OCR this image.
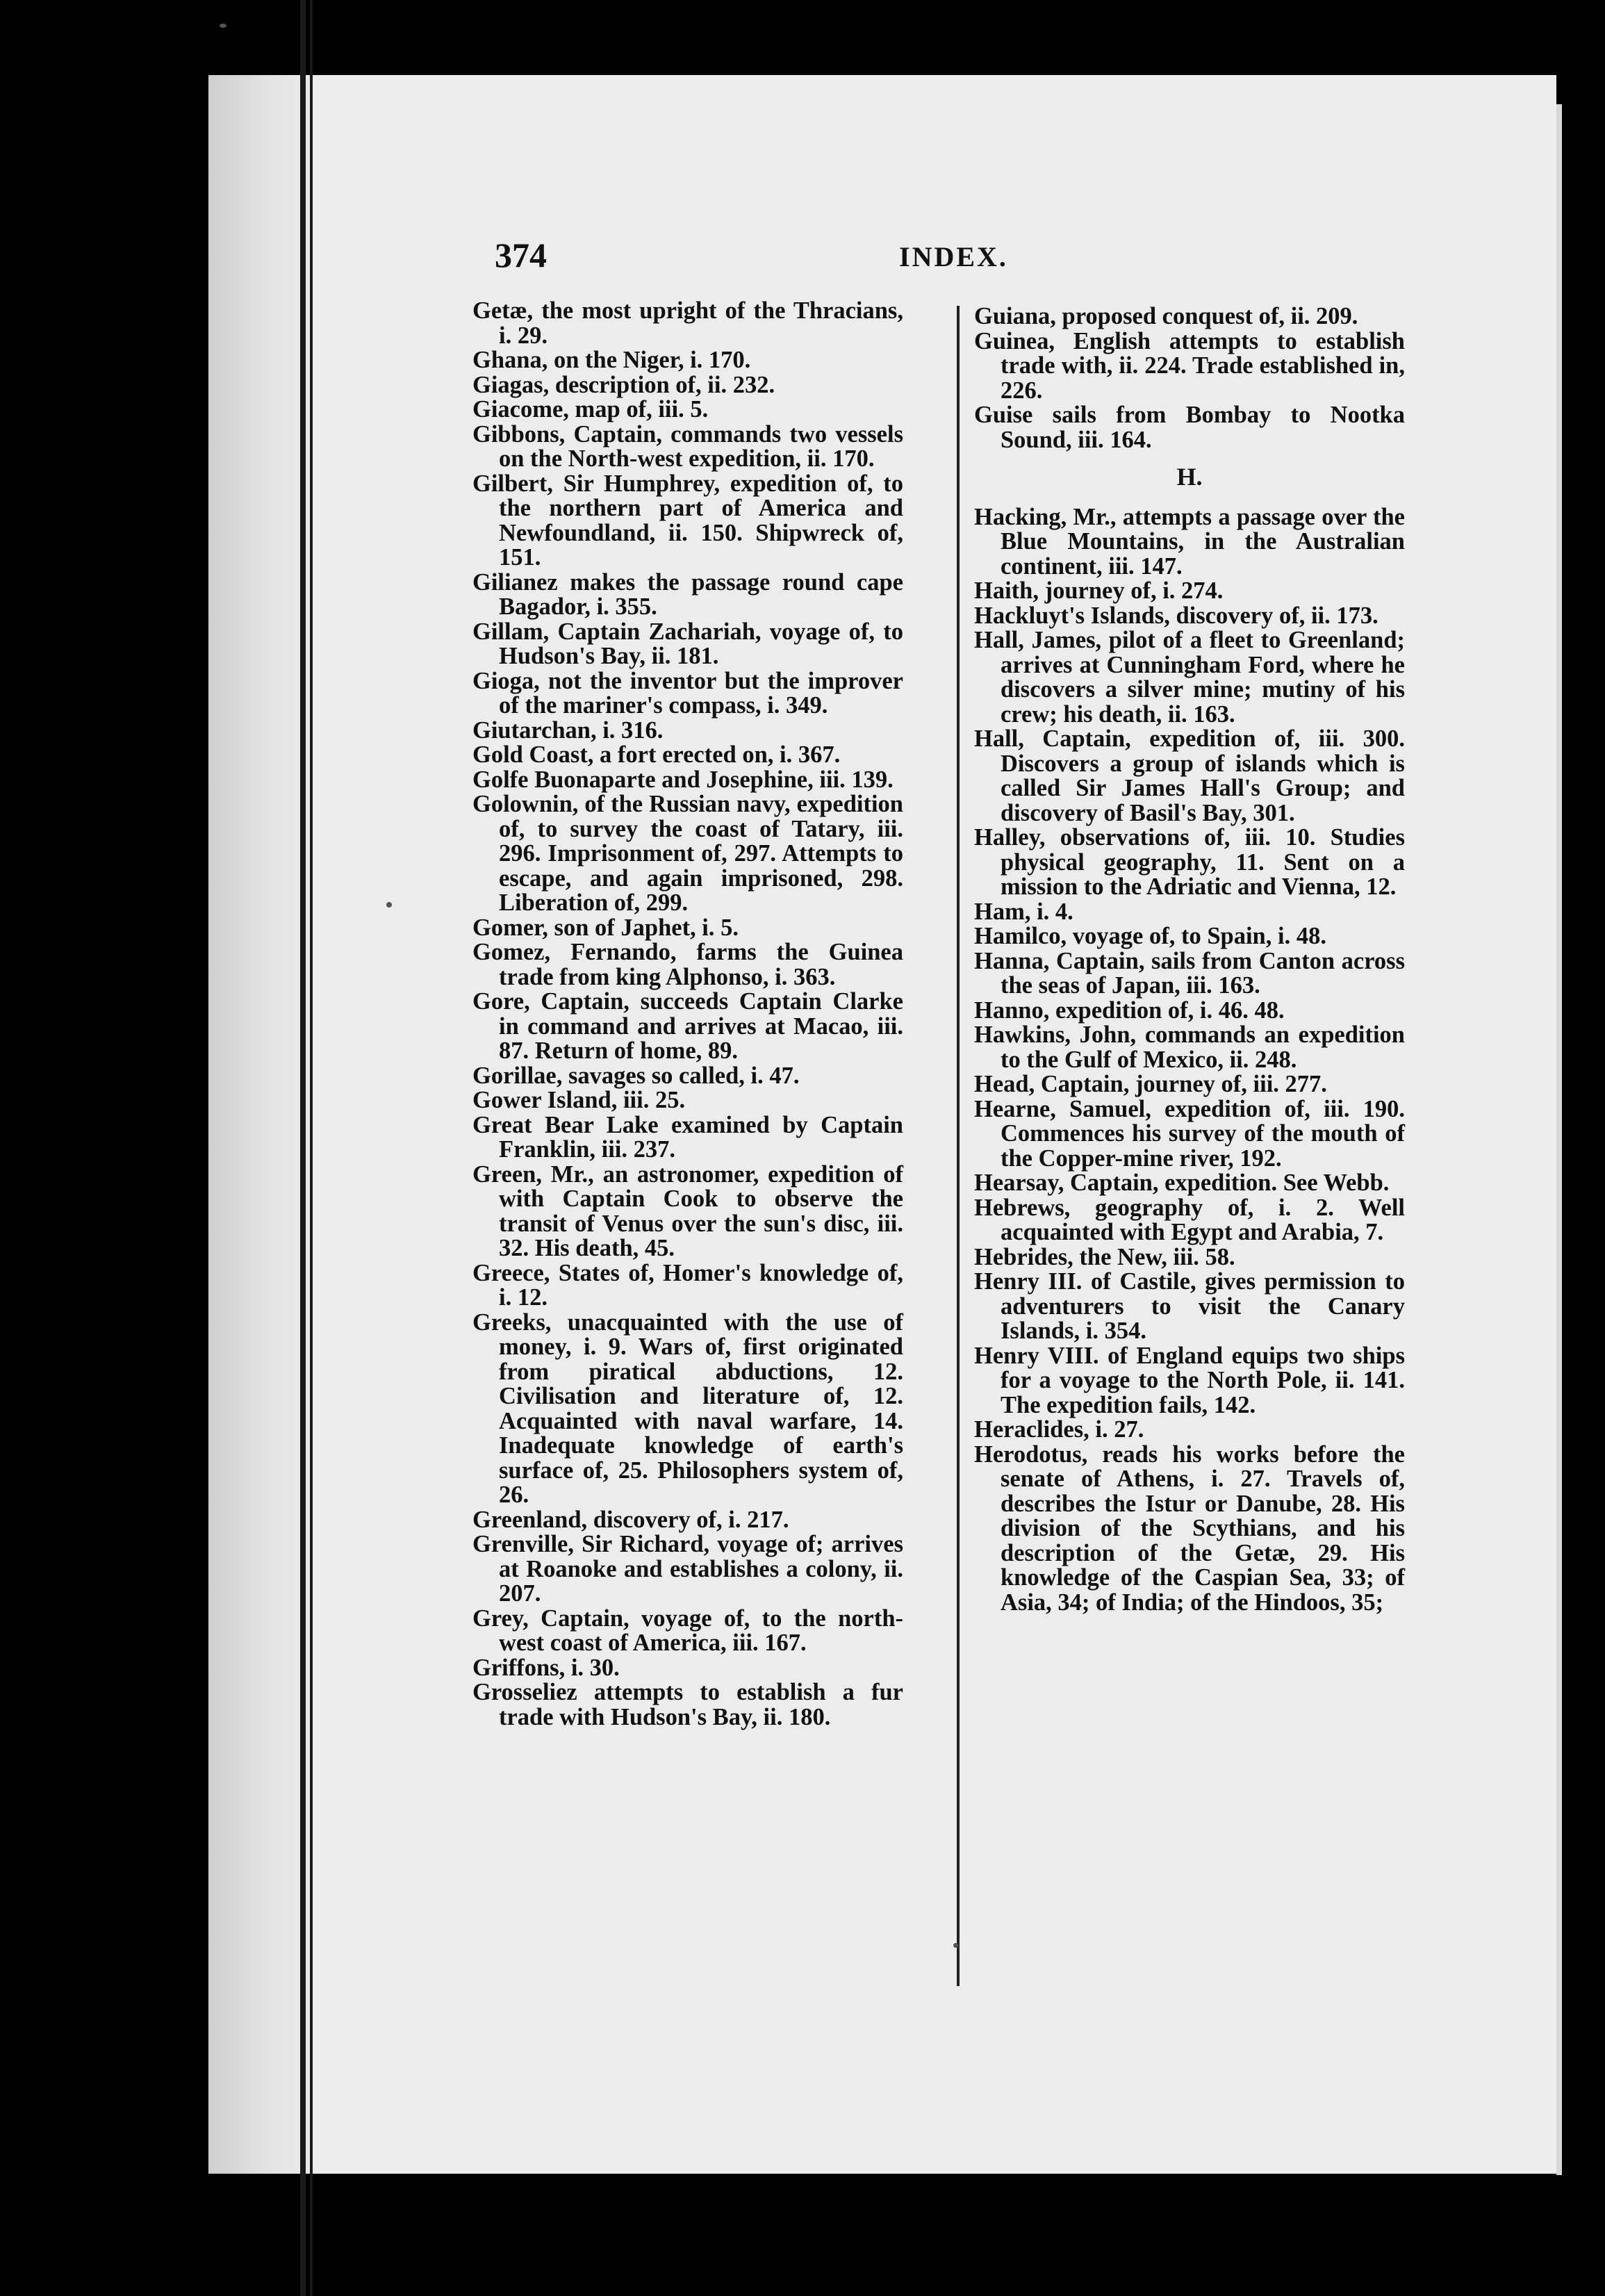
374	INDEX.

Getæ, the most upright of the Thracians, i. 29.

Ghana, on the Niger, i. 170.

Giagas, description of, ii. 232.

Giacome, map of, iii. 5.

Gibbons, Captain, commands two vessels on the North-west expedition, ii. 170.

Gilbert, Sir Humphrey, expedition of, to the northern part of America and Newfoundland, ii. 150. Shipwreck of, 151.

Gilianez makes the passage round cape Bagador, i. 355.

Gillam, Captain Zachariah, voyage of, to Hudson's Bay, ii. 181.

Gioga, not the inventor but the improver of the mariner's compass, i. 349.

Giutarchan, i. 316.

Gold Coast, a fort erected on, i. 367.

Golfe Buonaparte and Josephine, iii. 139.

Golownin, of the Russian navy, expedition of, to survey the coast of Tatary, iii. 296. Imprisonment of, 297. Attempts to escape, and again imprisoned, 298. Liberation of, 299.

Gomer, son of Japhet, i. 5.

Gomez, Fernando, farms the Guinea trade from king Alphonso, i. 363.

Gore, Captain, succeeds Captain Clarke in command and arrives at Macao, iii. 87. Return of home, 89.

Gorillae, savages so called, i. 47.

Gower Island, iii. 25.

Great Bear Lake examined by Captain Franklin, iii. 237.

Green, Mr., an astronomer, expedition of with Captain Cook to observe the transit of Venus over the sun's disc, iii. 32. His death, 45.

Greece, States of, Homer's knowledge of, i. 12.

Greeks, unacquainted with the use of money, i. 9. Wars of, first originated from piratical abductions, 12. Civilisation and literature of, 12. Acquainted with naval warfare, 14. Inadequate knowledge of earth's surface of, 25. Philosophers system of, 26.

Greenland, discovery of, i. 217.

Grenville, Sir Richard, voyage of; arrives at Roanoke and establishes a colony, ii. 207.

Grey, Captain, voyage of, to the north-west coast of America, iii. 167.

Griffons, i. 30.

Grosseliez attempts to establish a fur trade with Hudson's Bay, ii. 180.

Guiana, proposed conquest of, ii. 209.

Guinea, English attempts to establish trade with, ii. 224. Trade established in, 226.

Guise sails from Bombay to Nootka Sound, iii. 164.

H.

Hacking, Mr., attempts a passage over the Blue Mountains, in the Australian continent, iii. 147.

Haith, journey of, i. 274.

Hackluyt's Islands, discovery of, ii. 173.

Hall, James, pilot of a fleet to Greenland; arrives at Cunningham Ford, where he discovers a silver mine; mutiny of his crew; his death, ii. 163.

Hall, Captain, expedition of, iii. 300. Discovers a group of islands which is called Sir James Hall's Group; and discovery of Basil's Bay, 301.

Halley, observations of, iii. 10. Studies physical geography, 11. Sent on a mission to the Adriatic and Vienna, 12.

Ham, i. 4.

Hamilco, voyage of, to Spain, i. 48.

Hanna, Captain, sails from Canton across the seas of Japan, iii. 163.

Hanno, expedition of, i. 46. 48.

Hawkins, John, commands an expedition to the Gulf of Mexico, ii. 248.

Head, Captain, journey of, iii. 277.

Hearne, Samuel, expedition of, iii. 190. Commences his survey of the mouth of the Copper-mine river, 192.

Hearsay, Captain, expedition. See Webb.

Hebrews, geography of, i. 2. Well acquainted with Egypt and Arabia, 7.

Hebrides, the New, iii. 58.

Henry III. of Castile, gives permission to adventurers to visit the Canary Islands, i. 354.

Henry VIII. of England equips two ships for a voyage to the North Pole, ii. 141. The expedition fails, 142.

Heraclides, i. 27.

Herodotus, reads his works before the senate of Athens, i. 27. Travels of, describes the Istur or Danube, 28. His division of the Scythians, and his description of the Getæ, 29. His knowledge of the Caspian Sea, 33; of Asia, 34; of India; of the Hindoos, 35;
